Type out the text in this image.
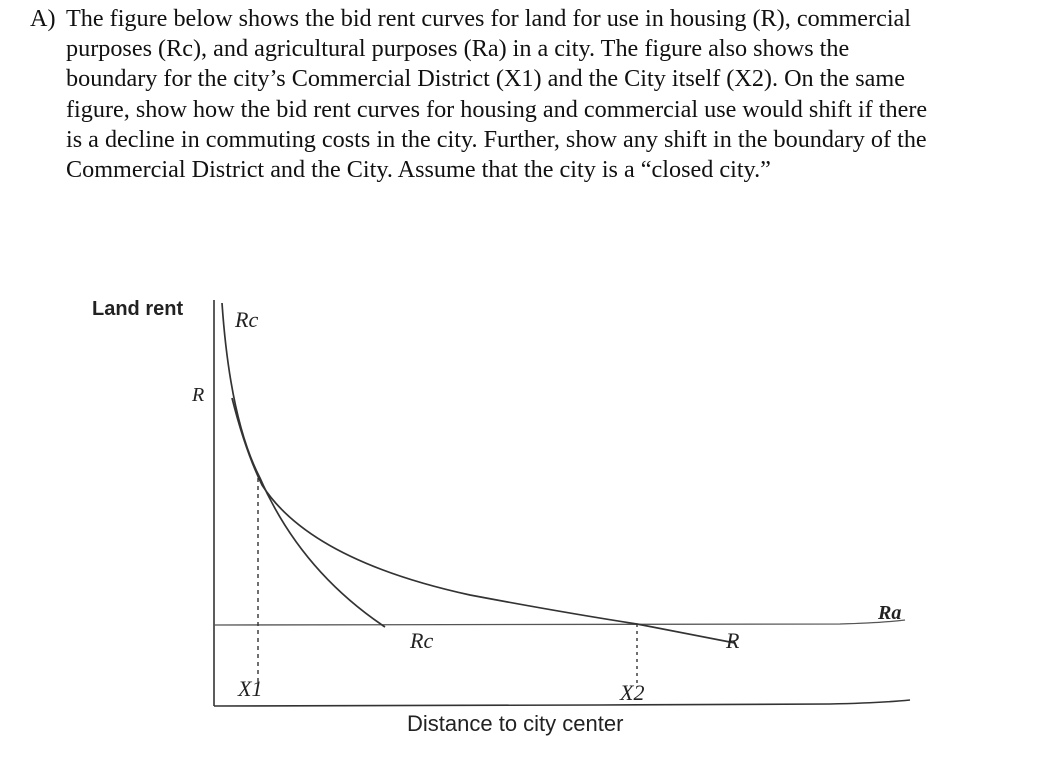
A) The figure below shows the bid rent curves for land for use in housing (R), commercial
purposes (Rc), and agricultural purposes (Ra) in a city. The figure also shows the
boundary for the city’s Commercial District (X1) and the City itself (X2). On the same
figure, show how the bid rent curves for housing and commercial use would shift if there
is a decline in commuting costs in the city. Further, show any shift in the boundary of the
Commercial District and the City. Assume that the city is a “closed city.”
Land rent
Distance to city center
Rc
R
Rc	R
Ra
X1	X2
